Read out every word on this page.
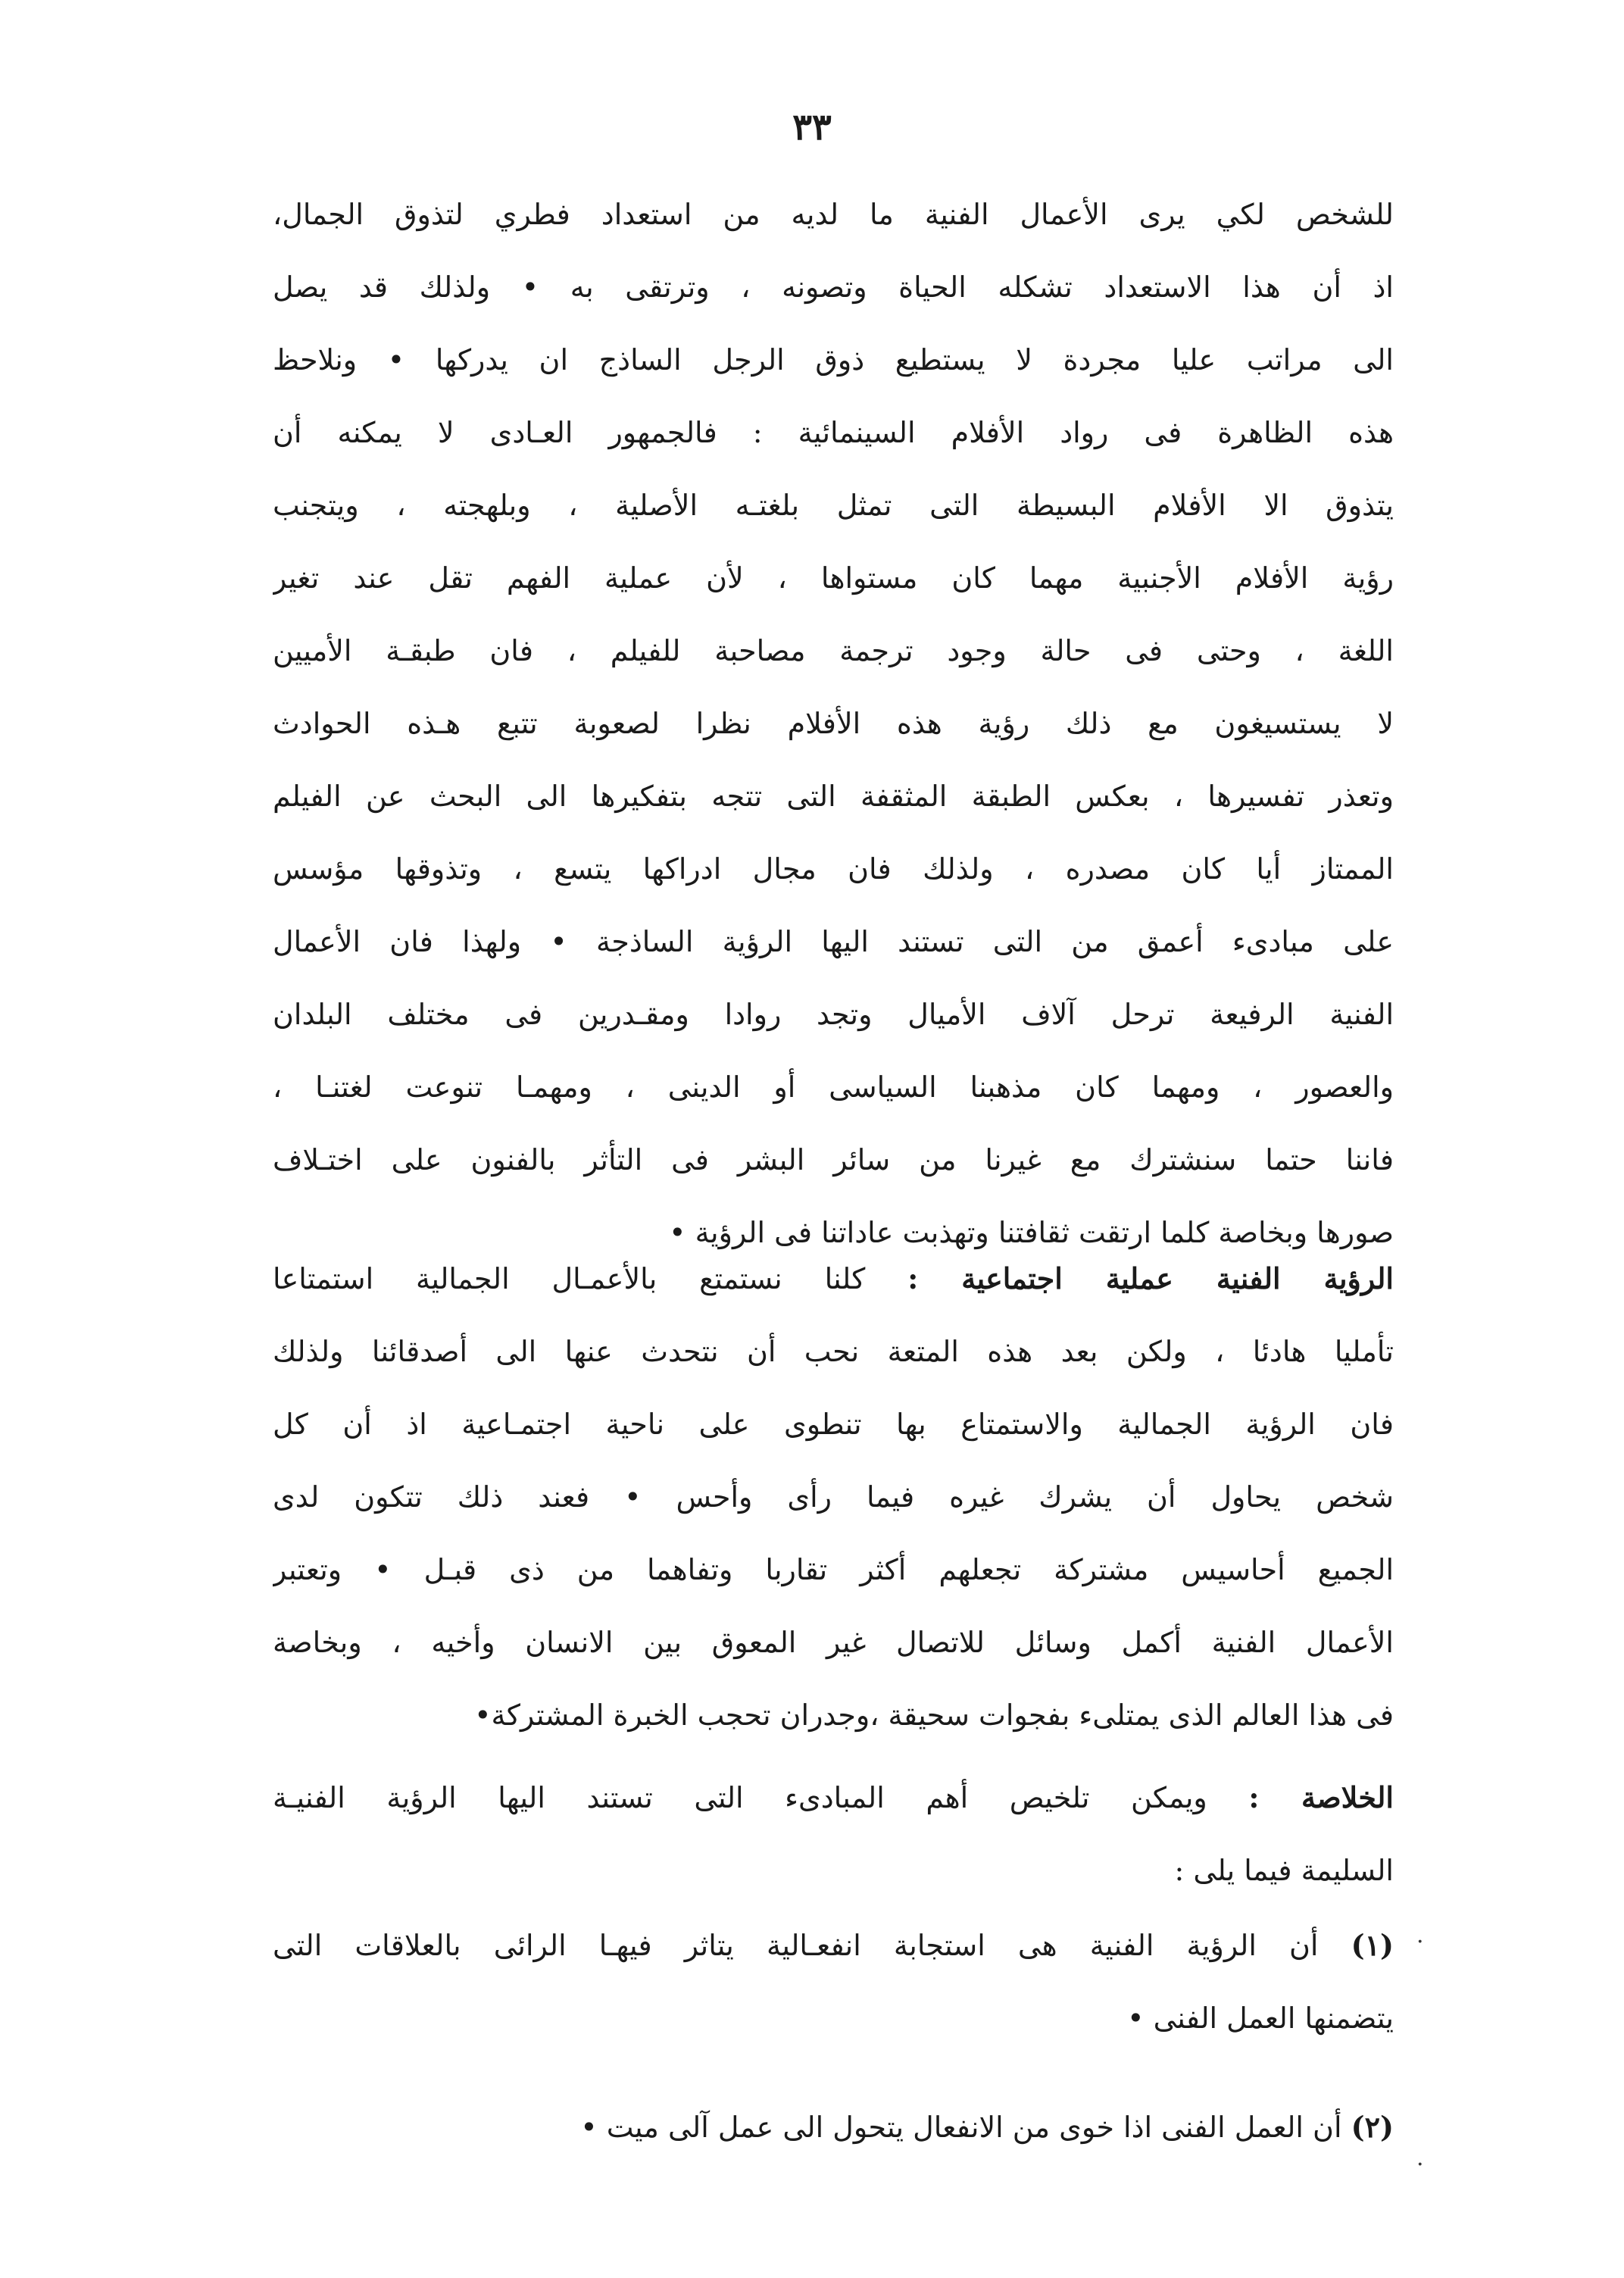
٣٣
للشخص لكي يرى الأعمال الفنية ما لديه من استعداد فطري لتذوق الجمال،
اذ أن هذا الاستعداد تشكله الحياة وتصونه ، وترتقى به • ولذلك قد يصل
الى مراتب عليا مجردة لا يستطيع ذوق الرجل الساذج ان يدركها • ونلاحظ
هذه الظاهرة فى رواد الأفلام السينمائية : فالجمهور العـادى لا يمكنه أن
يتذوق الا الأفلام البسيطة التى تمثل بلغتـه الأصلية ، وبلهجته ، ويتجنب
رؤية الأفلام الأجنبية مهما كان مستواها ، لأن عملية الفهم تقل عند تغير
اللغة ، وحتى فى حالة وجود ترجمة مصاحبة للفيلم ، فان طبقـة الأميين
لا يستسيغون مع ذلك رؤية هذه الأفلام نظرا لصعوبة تتبع هـذه الحوادث
وتعذر تفسيرها ، بعكس الطبقة المثقفة التى تتجه بتفكيرها الى البحث عن الفيلم
الممتاز أيا كان مصدره ، ولذلك فان مجال ادراكها يتسع ، وتذوقها مؤسس
على مبادىء أعمق من التى تستند اليها الرؤية الساذجة • ولهذا فان الأعمال
الفنية الرفيعة ترحل آلاف الأميال وتجد روادا ومقـدرين فى مختلف البلدان
والعصور ، ومهما كان مذهبنا السياسى أو الدينى ، ومهمـا تنوعت لغتنـا ،
فاننا حتما سنشترك مع غيرنا من سائر البشر فى التأثر بالفنون على اختـلاف
صورها وبخاصة كلما ارتقت ثقافتنا وتهذبت عاداتنا فى الرؤية •
الرؤية الفنية عملية اجتماعية : كلنا نستمتع بالأعمـال الجمالية استمتاعا
تأمليا هادئا ، ولكن بعد هذه المتعة نحب أن نتحدث عنها الى أصدقائنا ولذلك
فان الرؤية الجمالية والاستمتاع بها تنطوى على ناحية اجتمـاعية اذ أن كل
شخص يحاول أن يشرك غيره فيما رأى وأحس • فعند ذلك تتكون لدى
الجميع أحاسيس مشتركة تجعلهم أكثر تقاربا وتفاهما من ذى قبـل • وتعتبر
الأعمال الفنية أكمل وسائل للاتصال غير المعوق بين الانسان وأخيه ، وبخاصة
فى هذا العالم الذى يمتلىء بفجوات سحيقة ،وجدران تحجب الخبرة المشتركة•
الخلاصة : ويمكن تلخيص أهم المبادىء التى تستند اليها الرؤية الفنيـة
السليمة فيما يلى :
(١) أن الرؤية الفنية هى استجابة انفعـالية يتاثر فيهـا الرائى بالعلاقات التى
يتضمنها العمل الفنى •
(٢) أن العمل الفنى اذا خوى من الانفعال يتحول الى عمل آلى ميت •
·
·
